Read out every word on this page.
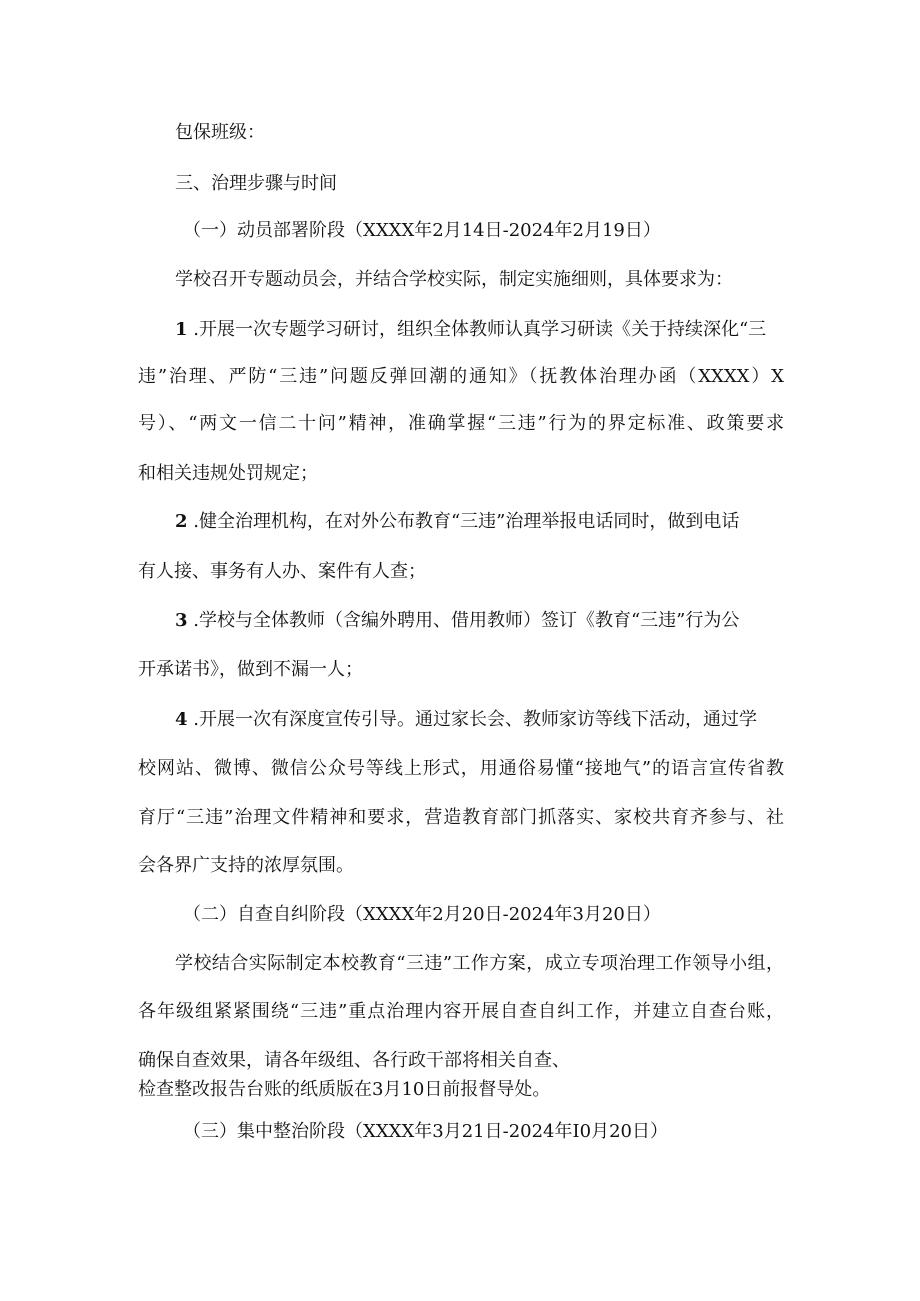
包保班级：
三、治理步骤与时间
（一）动员部署阶段（XXXX年2月14日-2024年2月19日）
学校召开专题动员会，并结合学校实际，制定实施细则，具体要求为：
1 .开展一次专题学习研讨，组织全体教师认真学习研读《关于持续深化“三
违”治理、严防“三违”问题反弹回潮的通知》（抚教体治理办函（XXXX）X
号）、“两文一信二十问”精神，准确掌握“三违”行为的界定标准、政策要求
和相关违规处罚规定；
2 .健全治理机构，在对外公布教育“三违”治理举报电话同时，做到电话
有人接、事务有人办、案件有人查；
3 .学校与全体教师（含编外聘用、借用教师）签订《教育“三违”行为公
开承诺书》，做到不漏一人；
4 .开展一次有深度宣传引导。通过家长会、教师家访等线下活动，通过学
校网站、微博、微信公众号等线上形式，用通俗易懂“接地气”的语言宣传省教
育厅“三违”治理文件精神和要求，营造教育部门抓落实、家校共育齐参与、社
会各界广支持的浓厚氛围。
（二）自查自纠阶段（XXXX年2月20日-2024年3月20日）
学校结合实际制定本校教育“三违”工作方案，成立专项治理工作领导小组，
各年级组紧紧围绕“三违”重点治理内容开展自查自纠工作，并建立自查台账，
确保自查效果，请各年级组、各行政干部将相关自查、
检查整改报告台账的纸质版在3月10日前报督导处。
（三）集中整治阶段（XXXX年3月21日-2024年I0月20日）
